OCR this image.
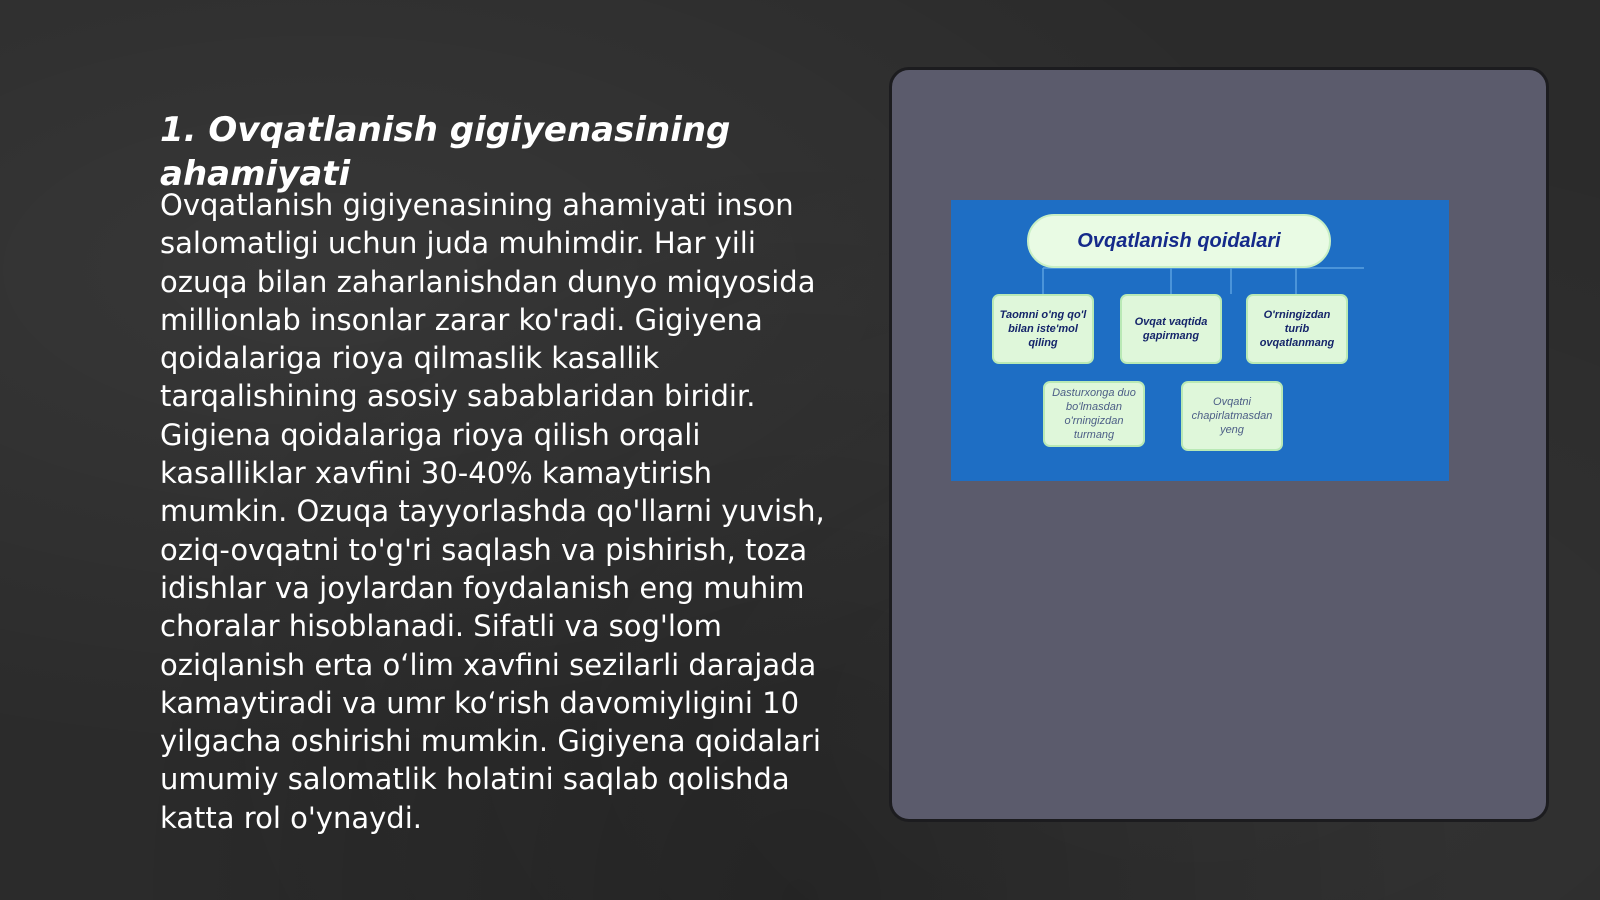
1. Ovqatlanish gigiyenasining ahamiyati

Ovqatlanish gigiyenasining ahamiyati inson salomatligi uchun juda muhimdir. Har yili ozuqa bilan zaharlanishdan dunyo miqyosida millionlab insonlar zarar ko'radi. Gigiyena qoidalariga rioya qilmaslik kasallik tarqalishining asosiy sabablaridan biridir. Gigiena qoidalariga rioya qilish orqali kasalliklar xavfini 30-40% kamaytirish mumkin. Ozuqa tayyorlashda qo'llarni yuvish, oziq-ovqatni to'g'ri saqlash va pishirish, toza idishlar va joylardan foydalanish eng muhim choralar hisoblanadi. Sifatli va sog'lom oziqlanish erta o‘lim xavfini sezilarli darajada kamaytiradi va umr ko‘rish davomiyligini 10 yilgacha oshirishi mumkin. Gigiyena qoidalari umumiy salomatlik holatini saqlab qolishda katta rol o'ynaydi.

Ovqatlanish qoidalari
Taomni o'ng qo'l bilan iste'mol qiling
Ovqat vaqtida gapirmang
O'rningizdan turib ovqatlanmang
Dasturxonga duo bo'lmasdan o'rningizdan turmang
Ovqatni chapirlatmasdan yeng
